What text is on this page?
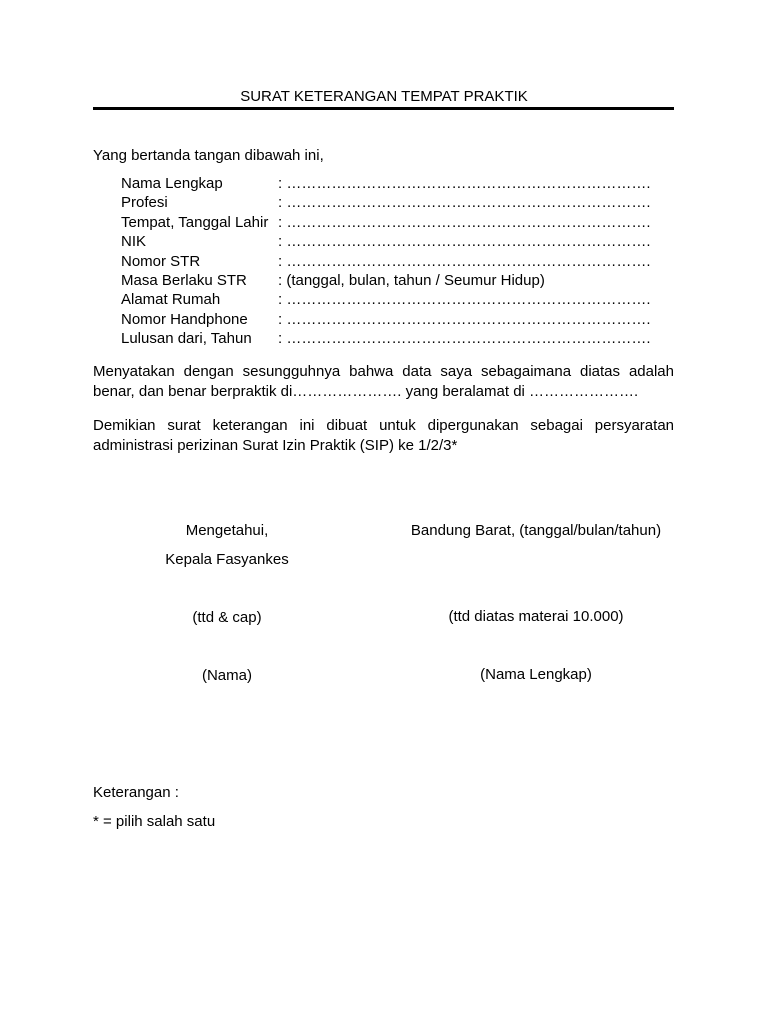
SURAT KETERANGAN TEMPAT PRAKTIK
Yang bertanda tangan dibawah ini,
Nama Lengkap	: ……………………………………………………………….
Profesi	: ……………………………………………………………….
Tempat, Tanggal Lahir : ……………………………………………………………….
NIK	: ……………………………………………………………….
Nomor STR	: ……………………………………………………………….
Masa Berlaku STR	: (tanggal, bulan, tahun / Seumur Hidup)
Alamat Rumah	: ……………………………………………………………….
Nomor Handphone	: ……………………………………………………………….
Lulusan dari, Tahun	: ……………………………………………………………….

Menyatakan dengan sesungguhnya bahwa data saya sebagaimana diatas adalah benar, dan benar berpraktik di…………………. yang beralamat di ………………….

Demikian surat keterangan ini dibuat untuk dipergunakan sebagai persyaratan administrasi perizinan Surat Izin Praktik (SIP) ke 1/2/3*

Mengetahui,
Kepala Fasyankes
(ttd & cap)
(Nama)
Bandung Barat, (tanggal/bulan/tahun)
(ttd diatas materai 10.000)
(Nama Lengkap)
Keterangan :
* = pilih salah satu
